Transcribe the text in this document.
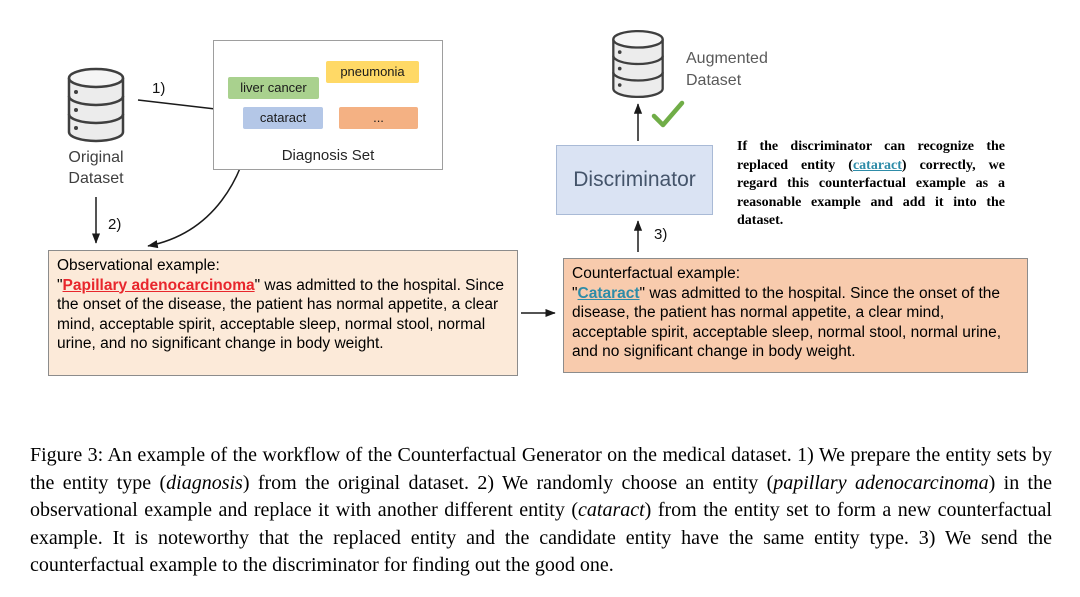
Original
Dataset
1)
2)
3)
pneumonia
liver cancer
cataract	...
Diagnosis Set
Augmented
Dataset
Discriminator
If the discriminator can recognize the replaced entity (cataract) correctly, we regard this counterfactual example as a reasonable example and add it into the dataset.
Observational example:
"Papillary adenocarcinoma" was admitted to the hospital. Since the onset of the disease, the patient has normal appetite, a clear mind, acceptable spirit, acceptable sleep, normal stool, normal urine, and no significant change in body weight.
Counterfactual example:
"Cataract" was admitted to the hospital. Since the onset of the disease, the patient has normal appetite, a clear mind, acceptable spirit, acceptable sleep, normal stool, normal urine, and no significant change in body weight.
Figure 3: An example of the workflow of the Counterfactual Generator on the medical dataset. 1) We prepare the entity sets by the entity type (diagnosis) from the original dataset. 2) We randomly choose an entity (papillary adenocarcinoma) in the observational example and replace it with another different entity (cataract) from the entity set to form a new counterfactual example. It is noteworthy that the replaced entity and the candidate entity have the same entity type. 3) We send the counterfactual example to the discriminator for finding out the good one.
